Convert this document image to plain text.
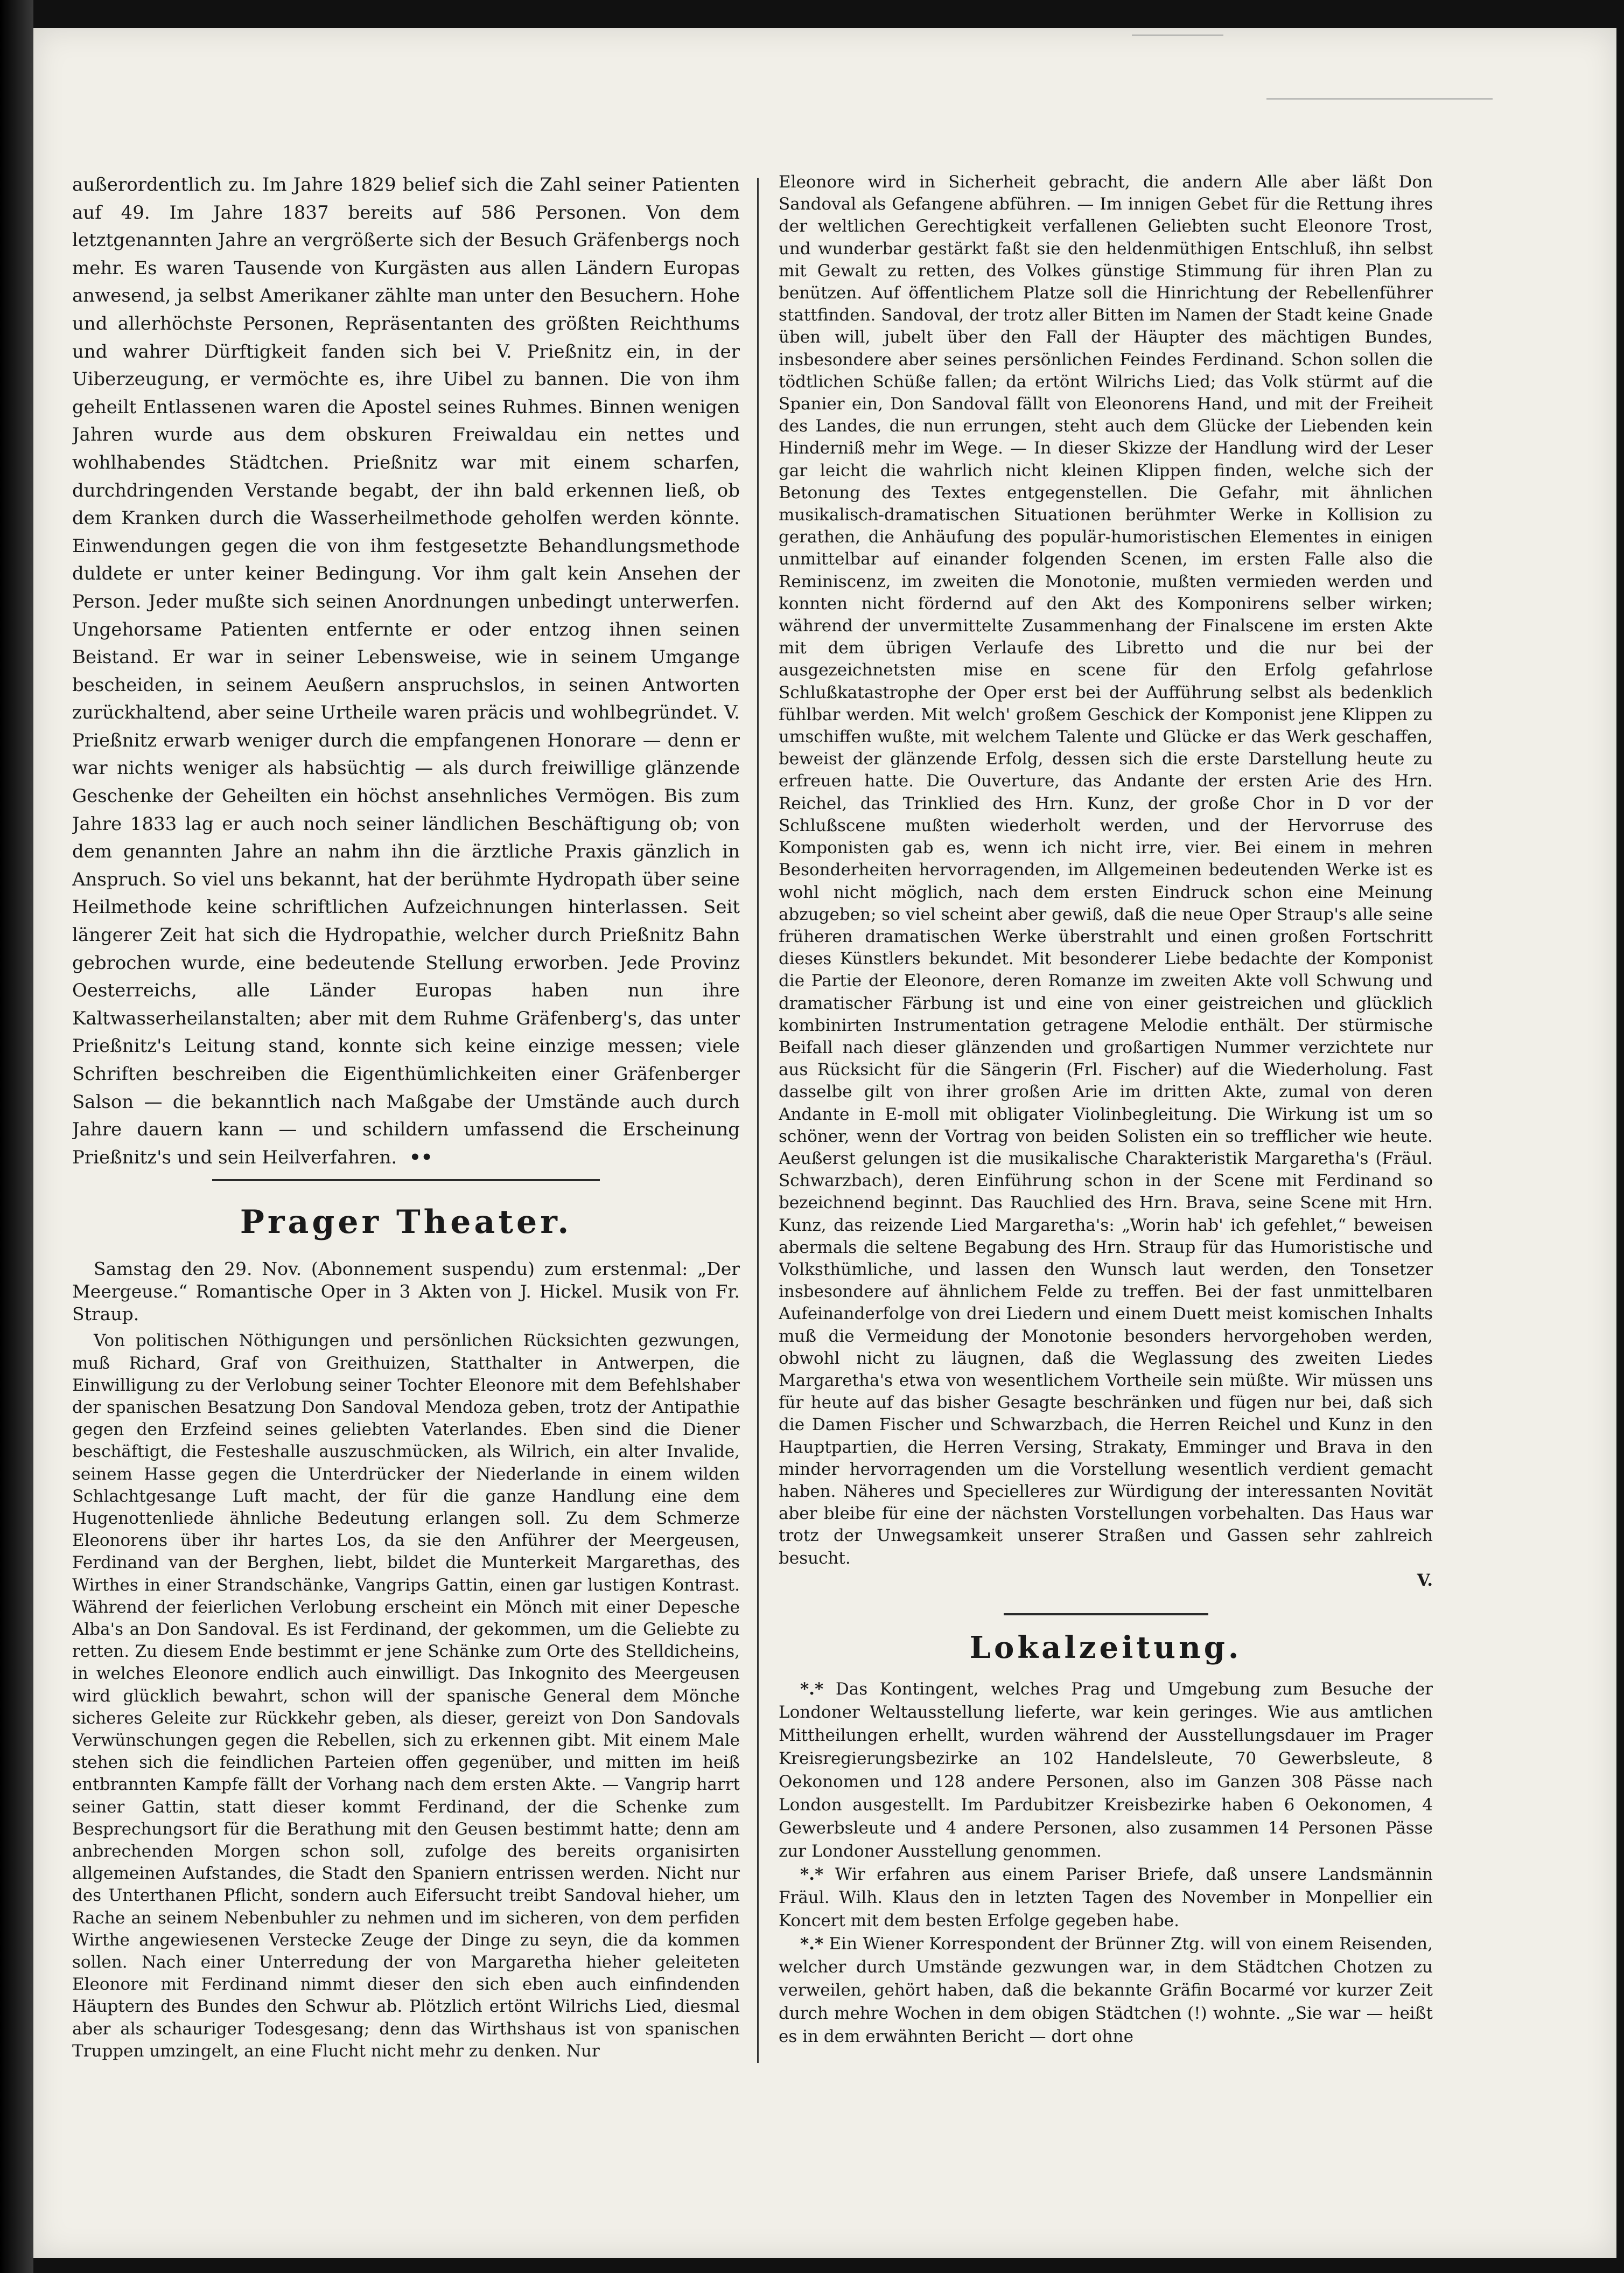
außerordentlich zu. Im Jahre 1829 belief sich die Zahl seiner Patienten auf 49. Im Jahre 1837 bereits auf 586 Personen. Von dem letztgenannten Jahre an vergrößerte sich der Besuch Gräfenbergs noch mehr. Es waren Tausende von Kurgästen aus allen Ländern Europas anwesend, ja selbst Amerikaner zählte man unter den Besuchern. Hohe und allerhöchste Personen, Repräsentanten des größten Reichthums und wahrer Dürftigkeit fanden sich bei V. Prießnitz ein, in der Uiberzeugung, er vermöchte es, ihre Uibel zu bannen. Die von ihm geheilt Entlassenen waren die Apostel seines Ruhmes. Binnen wenigen Jahren wurde aus dem obskuren Freiwaldau ein nettes und wohlhabendes Städtchen. Prießnitz war mit einem scharfen, durchdringenden Verstande begabt, der ihn bald erkennen ließ, ob dem Kranken durch die Wasserheilmethode geholfen werden könnte. Einwendungen gegen die von ihm festgesetzte Behandlungsmethode duldete er unter keiner Bedingung. Vor ihm galt kein Ansehen der Person. Jeder mußte sich seinen Anordnungen unbedingt unterwerfen. Ungehorsame Patienten entfernte er oder entzog ihnen seinen Beistand. Er war in seiner Lebensweise, wie in seinem Umgange bescheiden, in seinem Aeußern anspruchslos, in seinen Antworten zurückhaltend, aber seine Urtheile waren präcis und wohlbegründet. V. Prießnitz erwarb weniger durch die empfangenen Honorare — denn er war nichts weniger als habsüchtig — als durch freiwillige glänzende Geschenke der Geheilten ein höchst ansehnliches Vermögen. Bis zum Jahre 1833 lag er auch noch seiner ländlichen Beschäftigung ob; von dem genannten Jahre an nahm ihn die ärztliche Praxis gänzlich in Anspruch. So viel uns bekannt, hat der berühmte Hydropath über seine Heilmethode keine schriftlichen Aufzeichnungen hinterlassen. Seit längerer Zeit hat sich die Hydropathie, welcher durch Prießnitz Bahn gebrochen wurde, eine bedeutende Stellung erworben. Jede Provinz Oesterreichs, alle Länder Europas haben nun ihre Kaltwasserheilanstalten; aber mit dem Ruhme Gräfenberg's, das unter Prießnitz's Leitung stand, konnte sich keine einzige messen; viele Schriften beschreiben die Eigenthümlichkeiten einer Gräfenberger Salson — die bekanntlich nach Maßgabe der Umstände auch durch Jahre dauern kann — und schildern umfassend die Erscheinung Prießnitz's und sein Heilverfahren. ••

Prager Theater.

Samstag den 29. Nov. (Abonnement suspendu) zum erstenmal: „Der Meergeuse.“ Romantische Oper in 3 Akten von J. Hickel. Musik von Fr. Straup.

Von politischen Nöthigungen und persönlichen Rücksichten gezwungen, muß Richard, Graf von Greithuizen, Statthalter in Antwerpen, die Einwilligung zu der Verlobung seiner Tochter Eleonore mit dem Befehlshaber der spanischen Besatzung Don Sandoval Mendoza geben, trotz der Antipathie gegen den Erzfeind seines geliebten Vaterlandes. Eben sind die Diener beschäftigt, die Festeshalle auszuschmücken, als Wilrich, ein alter Invalide, seinem Hasse gegen die Unterdrücker der Niederlande in einem wilden Schlachtgesange Luft macht, der für die ganze Handlung eine dem Hugenottenliede ähnliche Bedeutung erlangen soll. Zu dem Schmerze Eleonorens über ihr hartes Los, da sie den Anführer der Meergeusen, Ferdinand van der Berghen, liebt, bildet die Munterkeit Margarethas, des Wirthes in einer Strandschänke, Vangrips Gattin, einen gar lustigen Kontrast. Während der feierlichen Verlobung erscheint ein Mönch mit einer Depesche Alba's an Don Sandoval. Es ist Ferdinand, der gekommen, um die Geliebte zu retten. Zu diesem Ende bestimmt er jene Schänke zum Orte des Stelldicheins, in welches Eleonore endlich auch einwilligt. Das Inkognito des Meergeusen wird glücklich bewahrt, schon will der spanische General dem Mönche sicheres Geleite zur Rückkehr geben, als dieser, gereizt von Don Sandovals Verwünschungen gegen die Rebellen, sich zu erkennen gibt. Mit einem Male stehen sich die feindlichen Parteien offen gegenüber, und mitten im heiß entbrannten Kampfe fällt der Vorhang nach dem ersten Akte. — Vangrip harrt seiner Gattin, statt dieser kommt Ferdinand, der die Schenke zum Besprechungsort für die Berathung mit den Geusen bestimmt hatte; denn am anbrechenden Morgen schon soll, zufolge des bereits organisirten allgemeinen Aufstandes, die Stadt den Spaniern entrissen werden. Nicht nur des Unterthanen Pflicht, sondern auch Eifersucht treibt Sandoval hieher, um Rache an seinem Nebenbuhler zu nehmen und im sicheren, von dem perfiden Wirthe angewiesenen Verstecke Zeuge der Dinge zu seyn, die da kommen sollen. Nach einer Unterredung der von Margaretha hieher geleiteten Eleonore mit Ferdinand nimmt dieser den sich eben auch einfindenden Häuptern des Bundes den Schwur ab. Plötzlich ertönt Wilrichs Lied, diesmal aber als schauriger Todesgesang; denn das Wirthshaus ist von spanischen Truppen umzingelt, an eine Flucht nicht mehr zu denken. Nur

Eleonore wird in Sicherheit gebracht, die andern Alle aber läßt Don Sandoval als Gefangene abführen. — Im innigen Gebet für die Rettung ihres der weltlichen Gerechtigkeit verfallenen Geliebten sucht Eleonore Trost, und wunderbar gestärkt faßt sie den heldenmüthigen Entschluß, ihn selbst mit Gewalt zu retten, des Volkes günstige Stimmung für ihren Plan zu benützen. Auf öffentlichem Platze soll die Hinrichtung der Rebellenführer stattfinden. Sandoval, der trotz aller Bitten im Namen der Stadt keine Gnade üben will, jubelt über den Fall der Häupter des mächtigen Bundes, insbesondere aber seines persönlichen Feindes Ferdinand. Schon sollen die tödtlichen Schüße fallen; da ertönt Wilrichs Lied; das Volk stürmt auf die Spanier ein, Don Sandoval fällt von Eleonorens Hand, und mit der Freiheit des Landes, die nun errungen, steht auch dem Glücke der Liebenden kein Hinderniß mehr im Wege. — In dieser Skizze der Handlung wird der Leser gar leicht die wahrlich nicht kleinen Klippen finden, welche sich der Betonung des Textes entgegenstellen. Die Gefahr, mit ähnlichen musikalisch-dramatischen Situationen berühmter Werke in Kollision zu gerathen, die Anhäufung des populär-humoristischen Elementes in einigen unmittelbar auf einander folgenden Scenen, im ersten Falle also die Reminiscenz, im zweiten die Monotonie, mußten vermieden werden und konnten nicht fördernd auf den Akt des Komponirens selber wirken; während der unvermittelte Zusammenhang der Finalscene im ersten Akte mit dem übrigen Verlaufe des Libretto und die nur bei der ausgezeichnetsten mise en scene für den Erfolg gefahrlose Schlußkatastrophe der Oper erst bei der Aufführung selbst als bedenklich fühlbar werden. Mit welch' großem Geschick der Komponist jene Klippen zu umschiffen wußte, mit welchem Talente und Glücke er das Werk geschaffen, beweist der glänzende Erfolg, dessen sich die erste Darstellung heute zu erfreuen hatte. Die Ouverture, das Andante der ersten Arie des Hrn. Reichel, das Trinklied des Hrn. Kunz, der große Chor in D vor der Schlußscene mußten wiederholt werden, und der Hervorruse des Komponisten gab es, wenn ich nicht irre, vier. Bei einem in mehren Besonderheiten hervorragenden, im Allgemeinen bedeutenden Werke ist es wohl nicht möglich, nach dem ersten Eindruck schon eine Meinung abzugeben; so viel scheint aber gewiß, daß die neue Oper Straup's alle seine früheren dramatischen Werke überstrahlt und einen großen Fortschritt dieses Künstlers bekundet. Mit besonderer Liebe bedachte der Komponist die Partie der Eleonore, deren Romanze im zweiten Akte voll Schwung und dramatischer Färbung ist und eine von einer geistreichen und glücklich kombinirten Instrumentation getragene Melodie enthält. Der stürmische Beifall nach dieser glänzenden und großartigen Nummer verzichtete nur aus Rücksicht für die Sängerin (Frl. Fischer) auf die Wiederholung. Fast dasselbe gilt von ihrer großen Arie im dritten Akte, zumal von deren Andante in E-moll mit obligater Violinbegleitung. Die Wirkung ist um so schöner, wenn der Vortrag von beiden Solisten ein so trefflicher wie heute. Aeußerst gelungen ist die musikalische Charakteristik Margaretha's (Fräul. Schwarzbach), deren Einführung schon in der Scene mit Ferdinand so bezeichnend beginnt. Das Rauchlied des Hrn. Brava, seine Scene mit Hrn. Kunz, das reizende Lied Margaretha's: „Worin hab' ich gefehlet,“ beweisen abermals die seltene Begabung des Hrn. Straup für das Humoristische und Volksthümliche, und lassen den Wunsch laut werden, den Tonsetzer insbesondere auf ähnlichem Felde zu treffen. Bei der fast unmittelbaren Aufeinanderfolge von drei Liedern und einem Duett meist komischen Inhalts muß die Vermeidung der Monotonie besonders hervorgehoben werden, obwohl nicht zu läugnen, daß die Weglassung des zweiten Liedes Margaretha's etwa von wesentlichem Vortheile sein müßte. Wir müssen uns für heute auf das bisher Gesagte beschränken und fügen nur bei, daß sich die Damen Fischer und Schwarzbach, die Herren Reichel und Kunz in den Hauptpartien, die Herren Versing, Strakaty, Emminger und Brava in den minder hervorragenden um die Vorstellung wesentlich verdient gemacht haben. Näheres und Specielleres zur Würdigung der interessanten Novität aber bleibe für eine der nächsten Vorstellungen vorbehalten. Das Haus war trotz der Unwegsamkeit unserer Straßen und Gassen sehr zahlreich besucht.

V.
Lokalzeitung.

*.* Das Kontingent, welches Prag und Umgebung zum Besuche der Londoner Weltausstellung lieferte, war kein geringes. Wie aus amtlichen Mittheilungen erhellt, wurden während der Ausstellungsdauer im Prager Kreisregierungsbezirke an 102 Handelsleute, 70 Gewerbsleute, 8 Oekonomen und 128 andere Personen, also im Ganzen 308 Pässe nach London ausgestellt. Im Pardubitzer Kreisbezirke haben 6 Oekonomen, 4 Gewerbsleute und 4 andere Personen, also zusammen 14 Personen Pässe zur Londoner Ausstellung genommen.

*.* Wir erfahren aus einem Pariser Briefe, daß unsere Landsmännin Fräul. Wilh. Klaus den in letzten Tagen des November in Monpellier ein Koncert mit dem besten Erfolge gegeben habe.

*.* Ein Wiener Korrespondent der Brünner Ztg. will von einem Reisenden, welcher durch Umstände gezwungen war, in dem Städtchen Chotzen zu verweilen, gehört haben, daß die bekannte Gräfin Bocarmé vor kurzer Zeit durch mehre Wochen in dem obigen Städtchen (!) wohnte. „Sie war — heißt es in dem erwähnten Bericht — dort ohne
